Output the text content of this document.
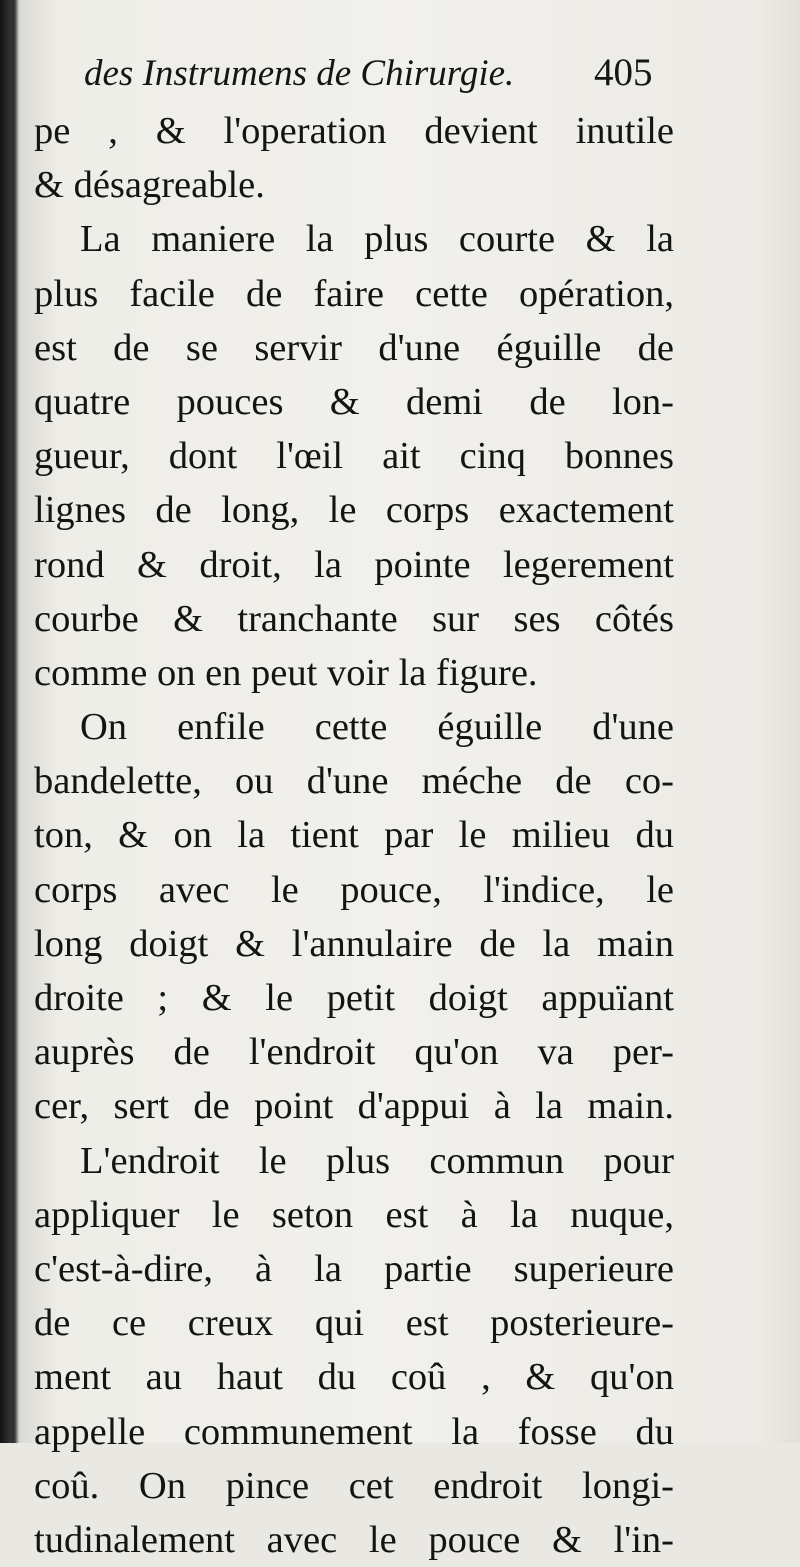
des Instrumens de Chirurgie. 405
pe , & l'operation devient inutile
& désagreable.
La maniere la plus courte & la
plus facile de faire cette opération,
est de se servir d'une éguille de
quatre pouces & demi de lon-
gueur, dont l'œil ait cinq bonnes
lignes de long, le corps exactement
rond & droit, la pointe legerement
courbe & tranchante sur ses côtés
comme on en peut voir la figure.
On enfile cette éguille d'une
bandelette, ou d'une méche de co-
ton, & on la tient par le milieu du
corps avec le pouce, l'indice, le
long doigt & l'annulaire de la main
droite ; & le petit doigt appuïant
auprès de l'endroit qu'on va per-
cer, sert de point d'appui à la main.
L'endroit le plus commun pour
appliquer le seton est à la nuque,
c'est-à-dire, à la partie superieure
de ce creux qui est posterieure-
ment au haut du coû , & qu'on
appelle communement la fosse du
coû. On pince cet endroit longi-
tudinalement avec le pouce & l'in-
